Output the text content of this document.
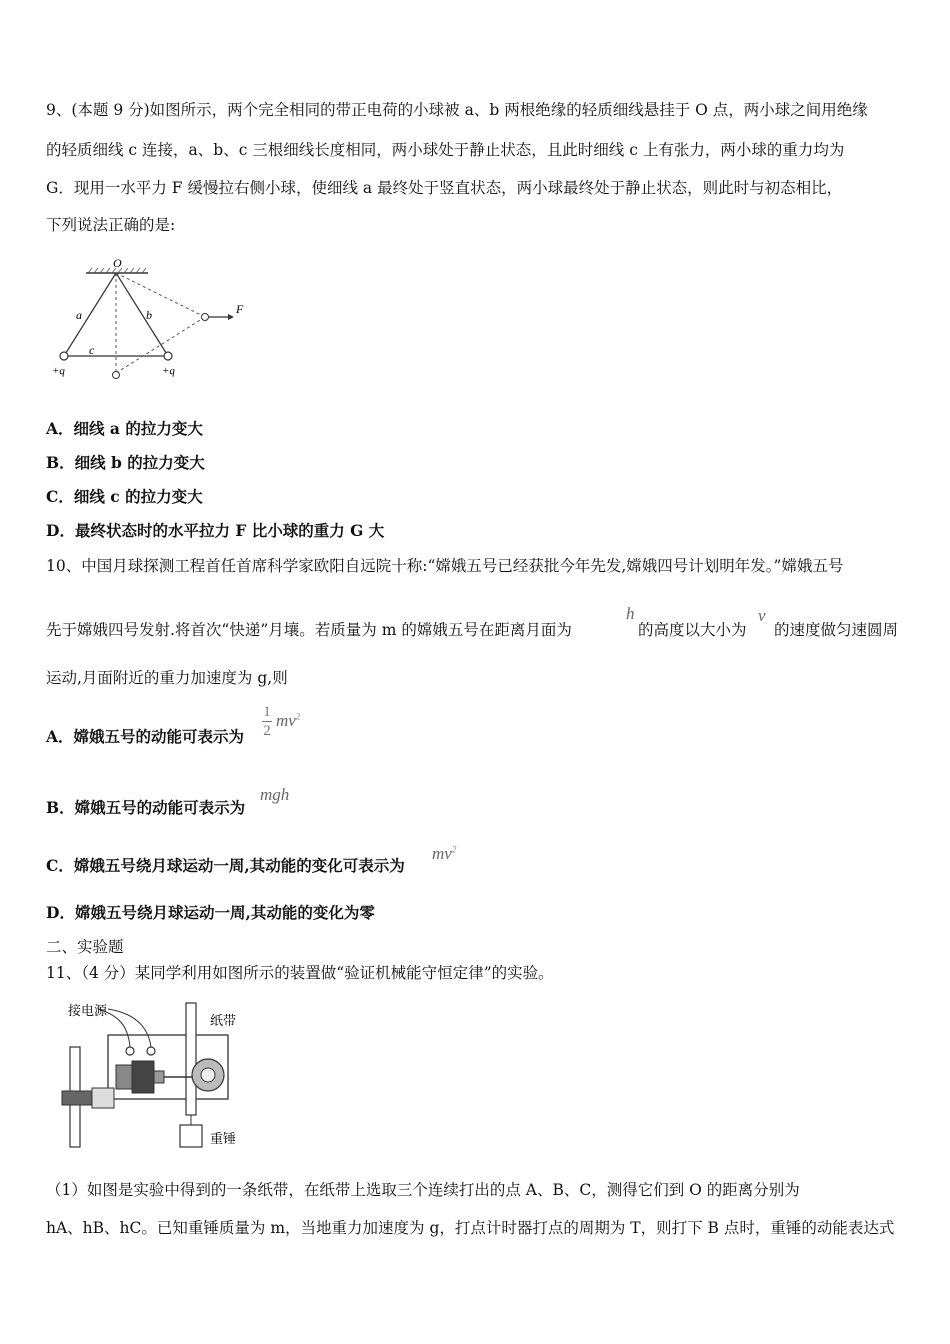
9、(本题 9 分)如图所示，两个完全相同的带正电荷的小球被 a、b 两根绝缘的轻质细线悬挂于 O 点，两小球之间用绝缘
的轻质细线 c 连接，a、b、c 三根细线长度相同，两小球处于静止状态，且此时细线 c 上有张力，两小球的重力均为
G．现用一水平力 F 缓慢拉右侧小球，使细线 a 最终处于竖直状态，两小球最终处于静止状态，则此时与初态相比，
下列说法正确的是:
O
F
a	b
c
+q	+q
A．细线 a 的拉力变大
B．细线 b 的拉力变大
C．细线 c 的拉力变大
D．最终状态时的水平拉力 F 比小球的重力 G 大
10、中国月球探测工程首任首席科学家欧阳自远院十称:“嫦娥五号已经获批今年先发,嫦娥四号计划明年发。”嫦娥五号
先于嫦娥四号发射.将首次“快递”月壤。若质量为 m 的嫦娥五号在距离月面为
h
的高度以大小为
v
的速度做匀速圆周
运动,月面附近的重力加速度为 g,则
A．嫦娥五号的动能可表示为
1
2
$mv^2$
B．嫦娥五号的动能可表示为
mgh
C．嫦娥五号绕月球运动一周,其动能的变化可表示为
$mv^2$
D．嫦娥五号绕月球运动一周,其动能的变化为零
二、实验题
11、（4 分）某同学利用如图所示的装置做“验证机械能守恒定律”的实验。
接电源
纸带
重锤
（1）如图是实验中得到的一条纸带，在纸带上选取三个连续打出的点 A、B、C，测得它们到 O 的距离分别为
hA、hB、hC。已知重锤质量为 m，当地重力加速度为 g，打点计时器打点的周期为 T，则打下 B 点时，重锤的动能表达式
